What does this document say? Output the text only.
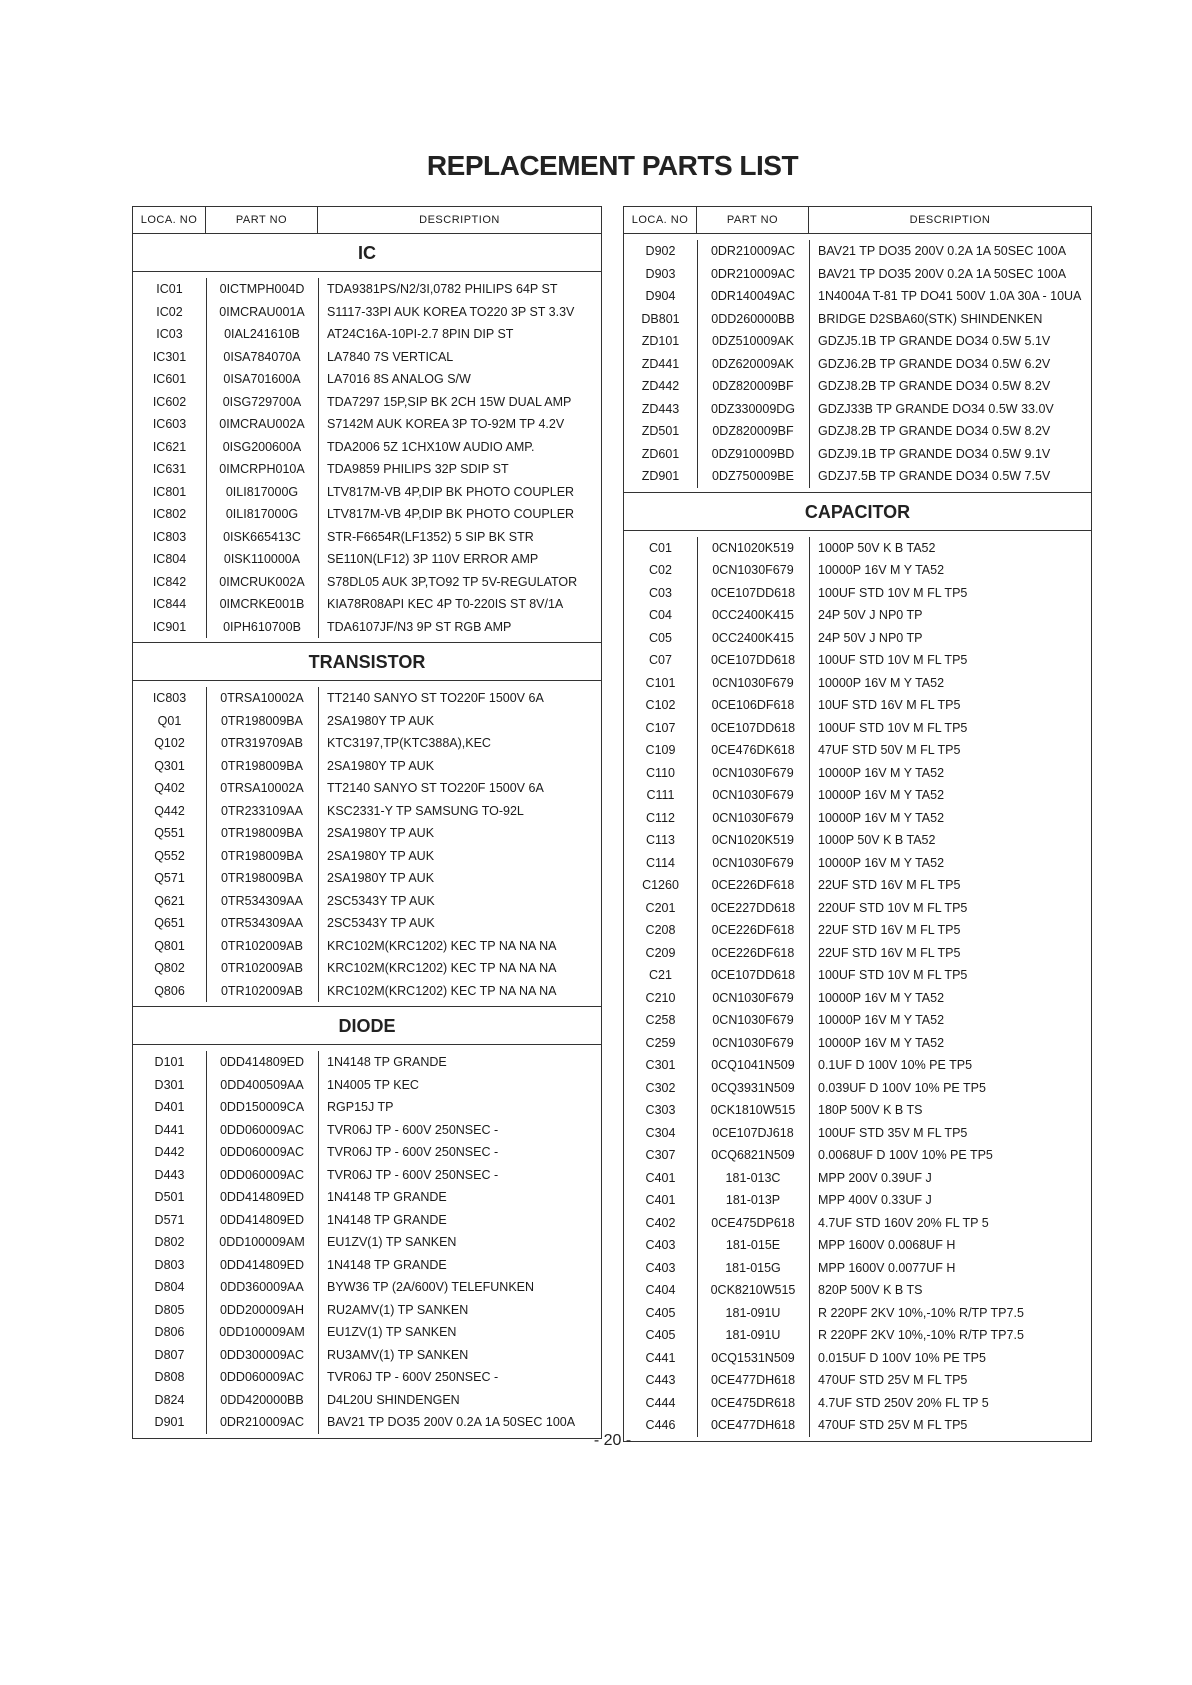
REPLACEMENT PARTS LIST
LOCA. NO	PART NO	DESCRIPTION
IC
IC01	0ICTMPH004D	TDA9381PS/N2/3I,0782 PHILIPS 64P ST
IC02	0IMCRAU001A	S1117-33PI AUK KOREA TO220 3P ST 3.3V
IC03	0IAL241610B	AT24C16A-10PI-2.7 8PIN DIP ST
IC301	0ISA784070A	LA7840 7S VERTICAL
IC601	0ISA701600A	LA7016 8S ANALOG S/W
IC602	0ISG729700A	TDA7297 15P,SIP BK 2CH 15W DUAL AMP
IC603	0IMCRAU002A	S7142M AUK KOREA 3P TO-92M TP 4.2V
IC621	0ISG200600A	TDA2006 5Z 1CHX10W AUDIO AMP.
IC631	0IMCRPH010A	TDA9859 PHILIPS 32P SDIP ST
IC801	0ILI817000G	LTV817M-VB 4P,DIP BK PHOTO COUPLER
IC802	0ILI817000G	LTV817M-VB 4P,DIP BK PHOTO COUPLER
IC803	0ISK665413C	STR-F6654R(LF1352) 5 SIP BK STR
IC804	0ISK110000A	SE110N(LF12) 3P 110V ERROR AMP
IC842	0IMCRUK002A	S78DL05 AUK 3P,TO92 TP 5V-REGULATOR
IC844	0IMCRKE001B	KIA78R08API KEC 4P T0-220IS ST 8V/1A
IC901	0IPH610700B	TDA6107JF/N3 9P ST RGB AMP
TRANSISTOR
IC803	0TRSA10002A	TT2140 SANYO ST TO220F 1500V 6A
Q01	0TR198009BA	2SA1980Y TP AUK
Q102	0TR319709AB	KTC3197,TP(KTC388A),KEC
Q301	0TR198009BA	2SA1980Y TP AUK
Q402	0TRSA10002A	TT2140 SANYO ST TO220F 1500V 6A
Q442	0TR233109AA	KSC2331-Y TP SAMSUNG TO-92L
Q551	0TR198009BA	2SA1980Y TP AUK
Q552	0TR198009BA	2SA1980Y TP AUK
Q571	0TR198009BA	2SA1980Y TP AUK
Q621	0TR534309AA	2SC5343Y TP AUK
Q651	0TR534309AA	2SC5343Y TP AUK
Q801	0TR102009AB	KRC102M(KRC1202) KEC TP NA NA NA
Q802	0TR102009AB	KRC102M(KRC1202) KEC TP NA NA NA
Q806	0TR102009AB	KRC102M(KRC1202) KEC TP NA NA NA
DIODE
D101	0DD414809ED	1N4148 TP GRANDE
D301	0DD400509AA	1N4005 TP KEC
D401	0DD150009CA	RGP15J TP
D441	0DD060009AC	TVR06J TP - 600V 250NSEC -
D442	0DD060009AC	TVR06J TP - 600V 250NSEC -
D443	0DD060009AC	TVR06J TP - 600V 250NSEC -
D501	0DD414809ED	1N4148 TP GRANDE
D571	0DD414809ED	1N4148 TP GRANDE
D802	0DD100009AM	EU1ZV(1) TP SANKEN
D803	0DD414809ED	1N4148 TP GRANDE
D804	0DD360009AA	BYW36 TP (2A/600V) TELEFUNKEN
D805	0DD200009AH	RU2AMV(1) TP SANKEN
D806	0DD100009AM	EU1ZV(1) TP SANKEN
D807	0DD300009AC	RU3AMV(1) TP SANKEN
D808	0DD060009AC	TVR06J TP - 600V 250NSEC -
D824	0DD420000BB	D4L20U SHINDENGEN
D901	0DR210009AC	BAV21 TP DO35 200V 0.2A 1A 50SEC 100A
LOCA. NO	PART NO	DESCRIPTION
D902	0DR210009AC	BAV21 TP DO35 200V 0.2A 1A 50SEC 100A
D903	0DR210009AC	BAV21 TP DO35 200V 0.2A 1A 50SEC 100A
D904	0DR140049AC	1N4004A T-81 TP DO41 500V 1.0A 30A - 10UA
DB801	0DD260000BB	BRIDGE D2SBA60(STK) SHINDENKEN
ZD101	0DZ510009AK	GDZJ5.1B TP GRANDE DO34 0.5W 5.1V
ZD441	0DZ620009AK	GDZJ6.2B TP GRANDE DO34 0.5W 6.2V
ZD442	0DZ820009BF	GDZJ8.2B TP GRANDE DO34 0.5W 8.2V
ZD443	0DZ330009DG	GDZJ33B TP GRANDE DO34 0.5W 33.0V
ZD501	0DZ820009BF	GDZJ8.2B TP GRANDE DO34 0.5W 8.2V
ZD601	0DZ910009BD	GDZJ9.1B TP GRANDE DO34 0.5W 9.1V
ZD901	0DZ750009BE	GDZJ7.5B TP GRANDE DO34 0.5W 7.5V
CAPACITOR
C01	0CN1020K519	1000P 50V K B TA52
C02	0CN1030F679	10000P 16V M Y TA52
C03	0CE107DD618	100UF STD 10V M FL TP5
C04	0CC2400K415	24P 50V J NP0 TP
C05	0CC2400K415	24P 50V J NP0 TP
C07	0CE107DD618	100UF STD 10V M FL TP5
C101	0CN1030F679	10000P 16V M Y TA52
C102	0CE106DF618	10UF STD 16V M FL TP5
C107	0CE107DD618	100UF STD 10V M FL TP5
C109	0CE476DK618	47UF STD 50V M FL TP5
C110	0CN1030F679	10000P 16V M Y TA52
C111	0CN1030F679	10000P 16V M Y TA52
C112	0CN1030F679	10000P 16V M Y TA52
C113	0CN1020K519	1000P 50V K B TA52
C114	0CN1030F679	10000P 16V M Y TA52
C1260	0CE226DF618	22UF STD 16V M FL TP5
C201	0CE227DD618	220UF STD 10V M FL TP5
C208	0CE226DF618	22UF STD 16V M FL TP5
C209	0CE226DF618	22UF STD 16V M FL TP5
C21	0CE107DD618	100UF STD 10V M FL TP5
C210	0CN1030F679	10000P 16V M Y TA52
C258	0CN1030F679	10000P 16V M Y TA52
C259	0CN1030F679	10000P 16V M Y TA52
C301	0CQ1041N509	0.1UF D 100V 10% PE TP5
C302	0CQ3931N509	0.039UF D 100V 10% PE TP5
C303	0CK1810W515	180P 500V K B TS
C304	0CE107DJ618	100UF STD 35V M FL TP5
C307	0CQ6821N509	0.0068UF D 100V 10% PE TP5
C401	181-013C	MPP 200V 0.39UF J
C401	181-013P	MPP 400V 0.33UF J
C402	0CE475DP618	4.7UF STD 160V 20% FL TP 5
C403	181-015E	MPP 1600V 0.0068UF H
C403	181-015G	MPP 1600V 0.0077UF H
C404	0CK8210W515	820P 500V K B TS
C405	181-091U	R 220PF 2KV 10%,-10% R/TP TP7.5
C405	181-091U	R 220PF 2KV 10%,-10% R/TP TP7.5
C441	0CQ1531N509	0.015UF D 100V 10% PE TP5
C443	0CE477DH618	470UF STD 25V M FL TP5
C444	0CE475DR618	4.7UF STD 250V 20% FL TP 5
C446	0CE477DH618	470UF STD 25V M FL TP5
- 20 -
